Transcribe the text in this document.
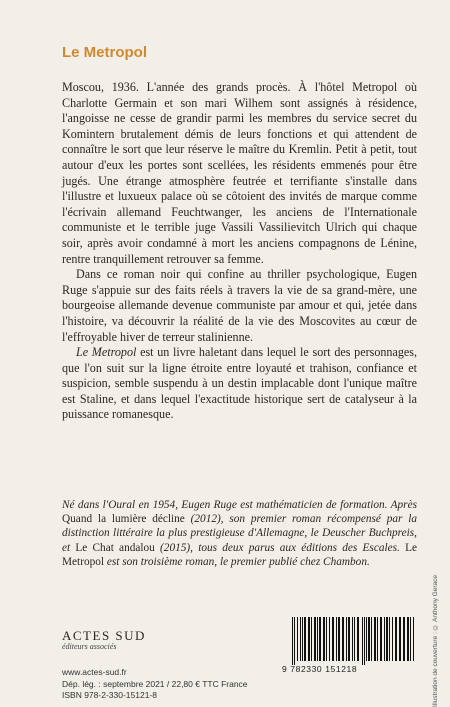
Le Metropol

Moscou, 1936. L'année des grands procès. À l'hôtel Metropol où Charlotte Germain et son mari Wilhem sont assignés à résidence, l'angoisse ne cesse de grandir parmi les membres du service secret du Komintern brutalement démis de leurs fonctions et qui attendent de connaître le sort que leur réserve le maître du Kremlin. Petit à petit, tout autour d'eux les portes sont scellées, les résidents emmenés pour être jugés. Une étrange atmosphère feutrée et terrifiante s'installe dans l'illustre et luxueux palace où se côtoient des invités de marque comme l'écrivain allemand Feuchtwanger, les anciens de l'Internationale communiste et le terrible juge Vassili Vassilievitch Ulrich qui chaque soir, après avoir condamné à mort les anciens compagnons de Lénine, rentre tranquillement retrouver sa femme.

Dans ce roman noir qui confine au thriller psychologique, Eugen Ruge s'appuie sur des faits réels à travers la vie de sa grand-mère, une bourgeoise allemande devenue communiste par amour et qui, jetée dans l'histoire, va découvrir la réalité de la vie des Moscovites au cœur de l'effroyable hiver de terreur stalinienne.

Le Metropol est un livre haletant dans lequel le sort des personnages, que l'on suit sur la ligne étroite entre loyauté et trahison, confiance et suspicion, semble suspendu à un destin implacable dont l'unique maître est Staline, et dans lequel l'exactitude historique sert de catalyseur à la puissance romanesque.

Né dans l'Oural en 1954, Eugen Ruge est mathématicien de formation. Après Quand la lumière décline (2012), son premier roman récompensé par la distinction littéraire la plus prestigieuse d'Allemagne, le Deuscher Buchpreis, et Le Chat andalou (2015), tous deux parus aux éditions des Escales. Le Metropol est son troisième roman, le premier publié chez Chambon.

Illustration de couverture : © Anthony Gerace
ACTES SUD
éditeurs associés
www.actes-sud.fr
Dép. lég. : septembre 2021 / 22,80 € TTC France
ISBN 978-2-330-15121-8
9 782330 151218
